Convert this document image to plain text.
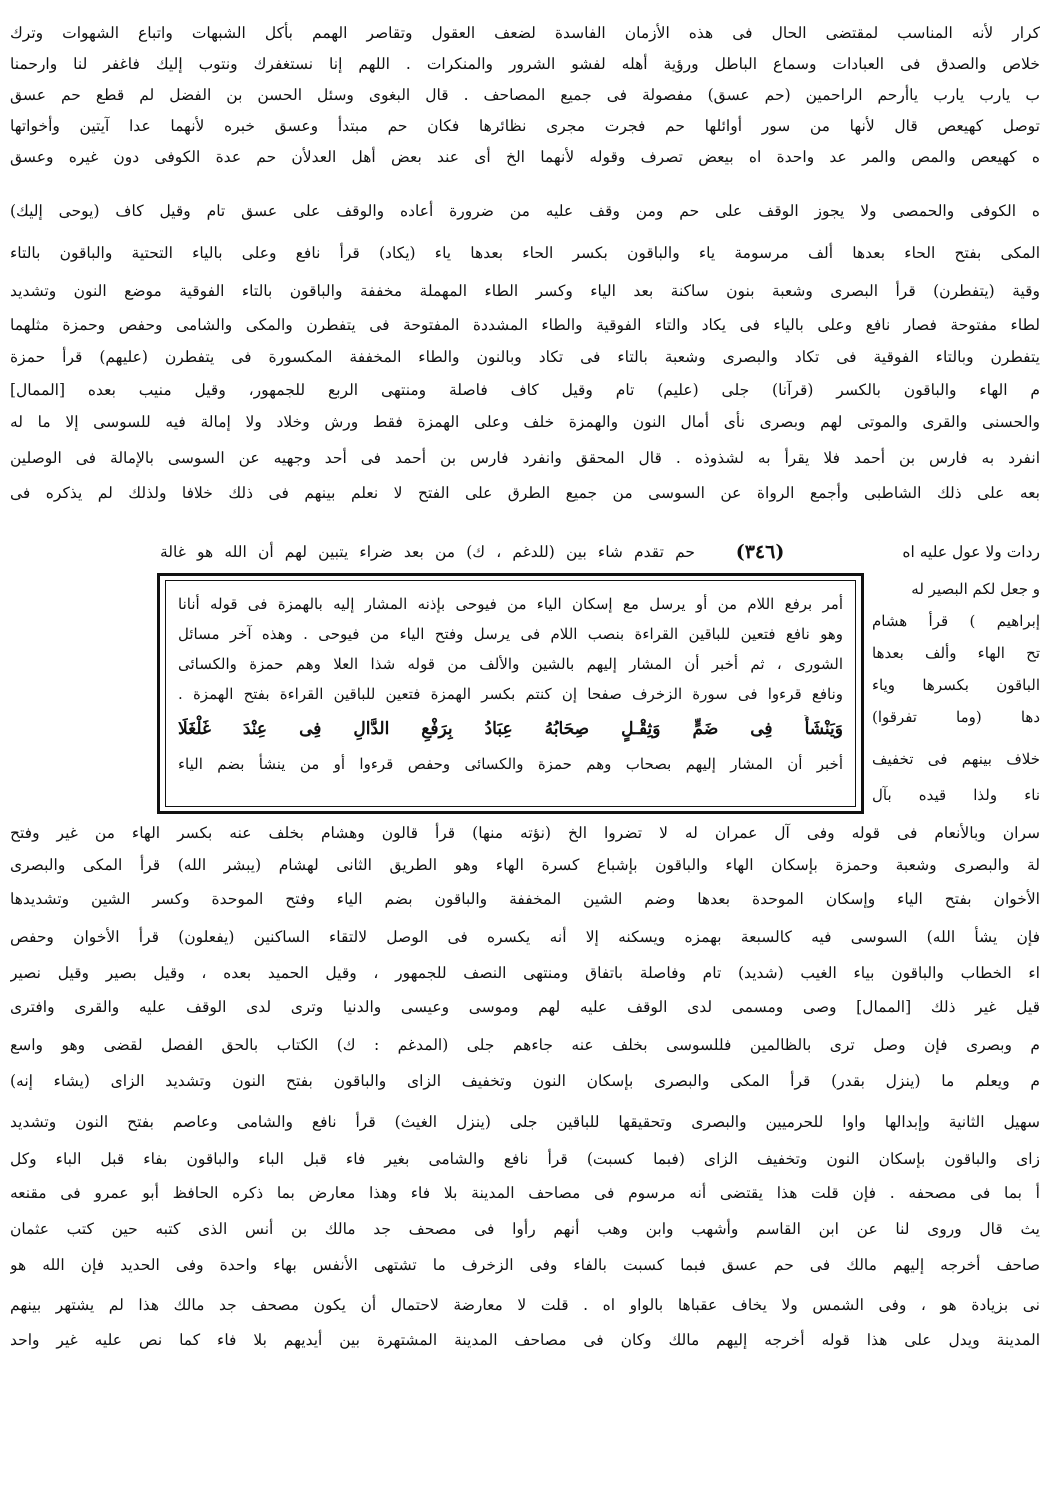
كرار لأنه المناسب لمقتضى الحال فى هذه الأزمان الفاسدة لضعف العقول وتقاصر الهمم بأكل الشبهات واتباع الشهوات وترك
خلاص والصدق فى العبادات وسماع الباطل ورؤية أهله لفشو الشرور والمنكرات . اللهم إنا نستغفرك ونتوب إليك فاغفر لنا وارحمنا
ب يارب يارب ياأرحم الراحمين (حم عسق) مفصولة فى جميع المصاحف . قال البغوى وسئل الحسن بن الفضل لم قطع حم عسق
توصل كهيعص قال لأنها من سور أوائلها حم فجرت مجرى نظائرها فكان حم مبتدأ وعسق خبره لأنهما عدا آيتين وأخواتها
ه كهيعص والمص والمر عد واحدة اه بيعض تصرف وقوله لأنهما الخ أى عند بعض أهل العدلأن حم عدة الكوفى دون غيره وعسق
ه الكوفى والحمصى ولا يجوز الوقف على حم ومن وقف عليه من ضرورة أعاده والوقف على عسق تام وقيل كاف (يوحى إليك)
المكى بفتح الحاء بعدها ألف مرسومة ياء والباقون بكسر الحاء بعدها ياء (يكاد) قرأ نافع وعلى بالياء التحتية والباقون بالتاء
وقية (يتفطرن) قرأ البصرى وشعبة بنون ساكنة بعد الياء وكسر الطاء المهملة مخففة والباقون بالتاء الفوقية موضع النون وتشديد
لطاء مفتوحة فصار نافع وعلى بالياء فى يكاد والتاء الفوقية والطاء المشددة المفتوحة فى يتفطرن والمكى والشامى وحفص وحمزة مثلهما
يتفطرن وبالتاء الفوقية فى تكاد والبصرى وشعبة بالتاء فى تكاد وبالنون والطاء المخففة المكسورة فى يتفطرن (عليهم) قرأ حمزة
م الهاء والباقون بالكسر (قرآنا) جلى (عليم) تام وقيل كاف فاصلة ومنتهى الربع للجمهور، وقيل منيب بعده [الممال]
والحسنى والقرى والموتى لهم وبصرى نأى أمال النون والهمزة خلف وعلى الهمزة فقط ورش وخلاد ولا إمالة فيه للسوسى إلا ما له
انفرد به فارس بن أحمد فلا يقرأ به لشذوذه . قال المحقق وانفرد فارس بن أحمد فى أحد وجهيه عن السوسى بالإمالة فى الوصلين
بعه على ذلك الشاطبى وأجمع الرواة عن السوسى من جميع الطرق على الفتح لا نعلم بينهم فى ذلك خلافا ولذلك لم يذكره فى
ردات ولا عول عليه اه
(٣٤٦)
حم تقدم شاء بين (للدغم ، ك) من بعد ضراء يتبين لهم أن الله هو غالة
أمر برفع اللام من أو يرسل مع إسكان الياء من فيوحى بإذنه المشار إليه بالهمزة فى قوله أنانا
وهو نافع فتعين للباقين القراءة بنصب اللام فى يرسل وفتح الياء من فيوحى . وهذه آخر مسائل
الشورى ، ثم أخبر أن المشار إليهم بالشين والألف من قوله شذا العلا وهم حمزة والكسائى
ونافع قرءوا فى سورة الزخرف صفحا إن كنتم بكسر الهمزة فتعين للباقين القراءة بفتح الهمزة .
وَيَنْشَأُ فِى ضَمٍّ وَثِقْـلٍ صِحَابُهُ عِبَادُ بِرَفْعِ الدَّالِ فِى عِنْدَ غَلْغَلَا
أخبر أن المشار إليهم بصحاب وهم حمزة والكسائى وحفص قرءوا أو من ينشأ بضم الياء
و جعل لكم البصير له
إبراهيم ) قرأ هشام
تح الهاء وألف بعدها
الباقون بكسرها وياء
دها (وما تفرقوا)
خلاف بينهم فى تخفيف
ناء ولذا قيده بآل
سران وبالأنعام فى قوله وفى آل عمران له لا تضروا الخ (نؤته منها) قرأ قالون وهشام بخلف عنه بكسر الهاء من غير وفتح
لة والبصرى وشعبة وحمزة بإسكان الهاء والباقون بإشباع كسرة الهاء وهو الطريق الثانى لهشام (يبشر الله) قرأ المكى والبصرى
الأخوان بفتح الياء وإسكان الموحدة بعدها وضم الشين المخففة والباقون بضم الياء وفتح الموحدة وكسر الشين وتشديدها
فإن يشأ الله) السوسى فيه كالسبعة بهمزه ويسكنه إلا أنه يكسره فى الوصل لالتقاء الساكنين (يفعلون) قرأ الأخوان وحفص
اء الخطاب والباقون بياء الغيب (شديد) تام وفاصلة باتفاق ومنتهى النصف للجمهور ، وقيل الحميد بعده ، وقيل بصير وقيل نصير
قيل غير ذلك [الممال] وصى ومسمى لدى الوقف عليه لهم وموسى وعيسى والدنيا وترى لدى الوقف عليه والقرى وافترى
م وبصرى فإن وصل ترى بالظالمين فللسوسى بخلف عنه جاءهم جلى (المدغم : ك) الكتاب بالحق الفصل لقضى وهو واسع
م ويعلم ما (ينزل بقدر) قرأ المكى والبصرى بإسكان النون وتخفيف الزاى والباقون بفتح النون وتشديد الزاى (يشاء إنه)
سهيل الثانية وإبدالها واوا للحرميين والبصرى وتحقيقها للباقين جلى (ينزل الغيث) قرأ نافع والشامى وعاصم بفتح النون وتشديد
زاى والباقون بإسكان النون وتخفيف الزاى (فبما كسبت) قرأ نافع والشامى بغير فاء قبل الباء والباقون بفاء قبل الباء وكل
أ بما فى مصحفه . فإن قلت هذا يقتضى أنه مرسوم فى مصاحف المدينة بلا فاء وهذا معارض بما ذكره الحافظ أبو عمرو فى مقنعه
يث قال وروى لنا عن ابن القاسم وأشهب وابن وهب أنهم رأوا فى مصحف جد مالك بن أنس الذى كتبه حين كتب عثمان
صاحف أخرجه إليهم مالك فى حم عسق فبما كسبت بالفاء وفى الزخرف ما تشتهى الأنفس بهاء واحدة وفى الحديد فإن الله هو
نى بزيادة هو ، وفى الشمس ولا يخاف عقباها بالواو اه . قلت لا معارضة لاحتمال أن يكون مصحف جد مالك هذا لم يشتهر بينهم
المدينة ويدل على هذا قوله أخرجه إليهم مالك وكان فى مصاحف المدينة المشتهرة بين أيديهم بلا فاء كما نص عليه غير واحد
